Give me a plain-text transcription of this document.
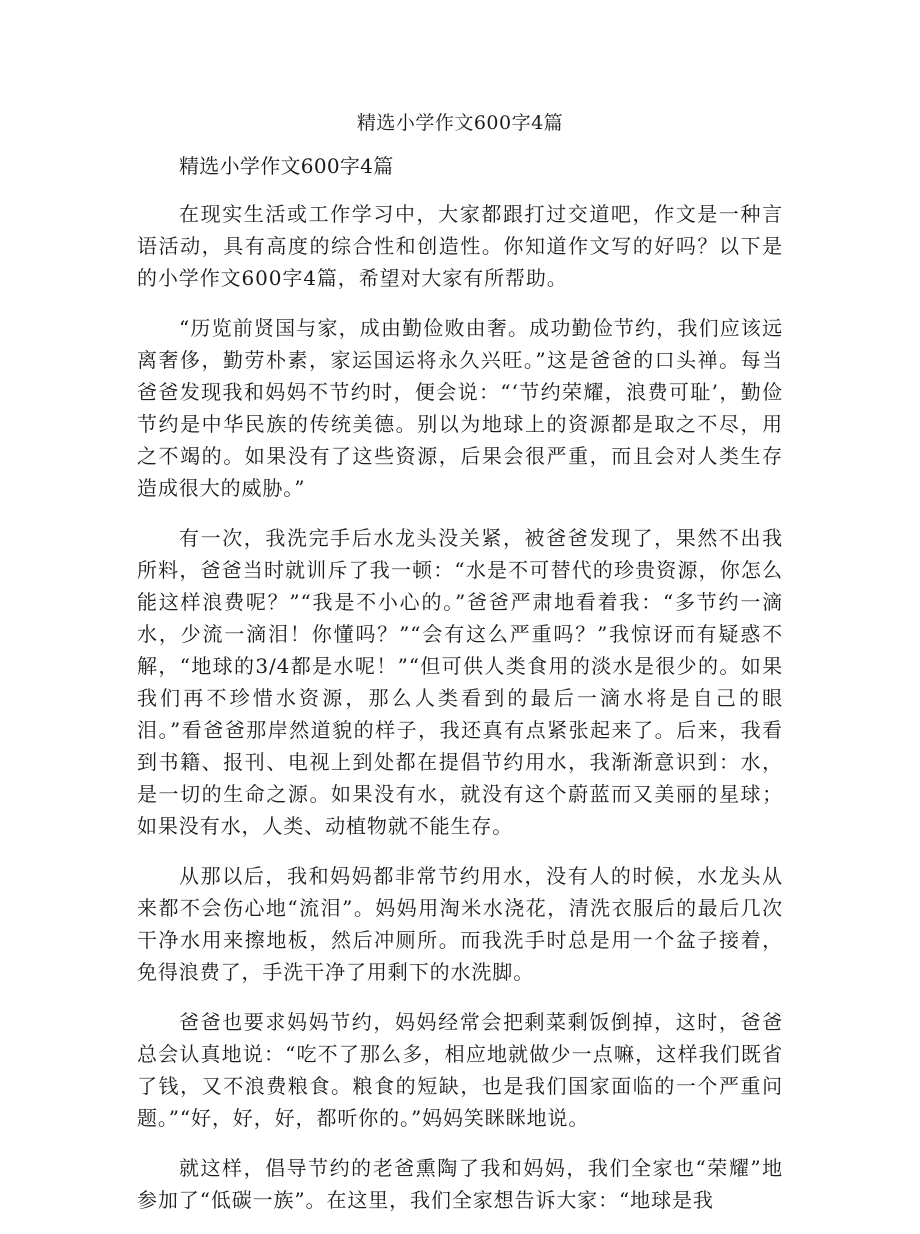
精选小学作文600字4篇

精选小学作文600字4篇

在现实生活或工作学习中，大家都跟打过交道吧，作文是一种言语活动，具有高度的综合性和创造性。你知道作文写的好吗？以下是的小学作文600字4篇，希望对大家有所帮助。

“历览前贤国与家，成由勤俭败由奢。成功勤俭节约，我们应该远离奢侈，勤劳朴素，家运国运将永久兴旺。”这是爸爸的口头禅。每当爸爸发现我和妈妈不节约时，便会说：“‘节约荣耀，浪费可耻’，勤俭节约是中华民族的传统美德。别以为地球上的资源都是取之不尽，用之不竭的。如果没有了这些资源，后果会很严重，而且会对人类生存造成很大的威胁。”

有一次，我洗完手后水龙头没关紧，被爸爸发现了，果然不出我所料，爸爸当时就训斥了我一顿：“水是不可替代的珍贵资源，你怎么能这样浪费呢？”“我是不小心的。”爸爸严肃地看着我：“多节约一滴水，少流一滴泪！你懂吗？”“会有这么严重吗？”我惊讶而有疑惑不解，“地球的3/4都是水呢！”“但可供人类食用的淡水是很少的。如果我们再不珍惜水资源，那么人类看到的最后一滴水将是自己的眼泪。”看爸爸那岸然道貌的样子，我还真有点紧张起来了。后来，我看到书籍、报刊、电视上到处都在提倡节约用水，我渐渐意识到：水，是一切的生命之源。如果没有水，就没有这个蔚蓝而又美丽的星球；如果没有水，人类、动植物就不能生存。

从那以后，我和妈妈都非常节约用水，没有人的时候，水龙头从来都不会伤心地“流泪”。妈妈用淘米水浇花，清洗衣服后的最后几次干净水用来擦地板，然后冲厕所。而我洗手时总是用一个盆子接着，免得浪费了，手洗干净了用剩下的水洗脚。

爸爸也要求妈妈节约，妈妈经常会把剩菜剩饭倒掉，这时，爸爸总会认真地说：“吃不了那么多，相应地就做少一点嘛，这样我们既省了钱，又不浪费粮食。粮食的短缺，也是我们国家面临的一个严重问题。”“好，好，好，都听你的。”妈妈笑眯眯地说。

就这样，倡导节约的老爸熏陶了我和妈妈，我们全家也“荣耀”地参加了“低碳一族”。在这里，我们全家想告诉大家：“地球是我
